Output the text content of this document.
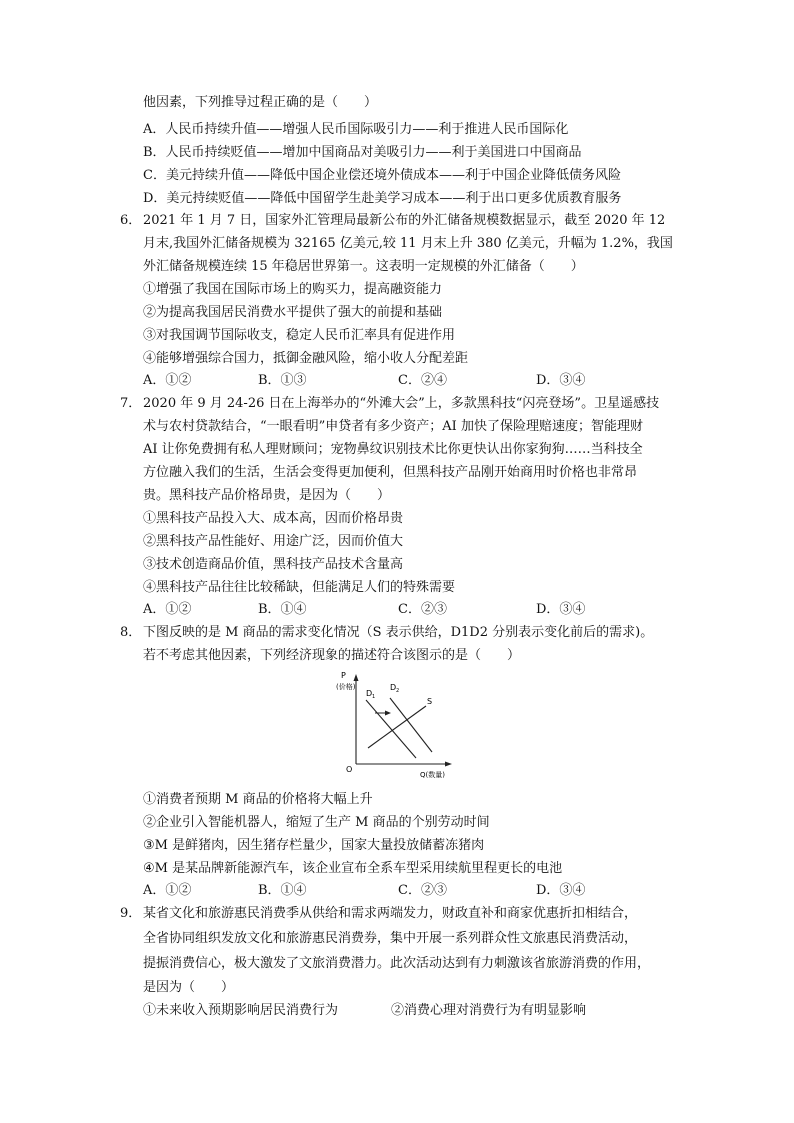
他因素，下列推导过程正确的是（　　）
A．人民币持续升值——增强人民币国际吸引力——利于推进人民币国际化
B．人民币持续贬值——增加中国商品对美吸引力——利于美国进口中国商品
C．美元持续升值——降低中国企业偿还境外债成本——利于中国企业降低债务风险
D．美元持续贬值——降低中国留学生赴美学习成本——利于出口更多优质教育服务
6． 2021 年 1 月 7 日，国家外汇管理局最新公布的外汇储备规模数据显示，截至 2020 年 12
月末,我国外汇储备规模为 32165 亿美元,较 11 月末上升 380 亿美元，升幅为 1.2%，我国
外汇储备规模连续 15 年稳居世界第一。这表明一定规模的外汇储备（　　）
①增强了我国在国际市场上的购买力，提高融资能力
②为提高我国居民消费水平提供了强大的前提和基础
③对我国调节国际收支，稳定人民币汇率具有促进作用
④能够增强综合国力，抵御金融风险，缩小收人分配差距
A．①②	B．①③	C．②④	D．③④
7． 2020 年 9 月 24-26 日在上海举办的“外滩大会”上，多款黑科技“闪亮登场”。卫星遥感技
术与农村贷款结合，“一眼看明”申贷者有多少资产；AI 加快了保险理赔速度；智能理财
AI 让你免费拥有私人理财顾问；宠物鼻纹识别技术比你更快认出你家狗狗……当科技全
方位融入我们的生活，生活会变得更加便利，但黑科技产品刚开始商用时价格也非常昂
贵。黑科技产品价格昂贵，是因为（　　）
①黑科技产品投入大、成本高，因而价格昂贵
②黑科技产品性能好、用途广泛，因而价值大
③技术创造商品价值，黑科技产品技术含量高
④黑科技产品往往比较稀缺，但能满足人们的特殊需要
A．①②	B．①④	C．②③	D．③④
8． 下图反映的是 M 商品的需求变化情况（S 表示供给，D1D2 分别表示变化前后的需求)。
若不考虑其他因素，下列经济现象的描述符合该图示的是（　　）
P
(价格)
D 1
D 2
S
O
Q(数量)
①消费者预期 M 商品的价格将大幅上升
②企业引入智能机器人，缩短了生产 M 商品的个别劳动时间
③M 是鲜猪肉，因生猪存栏量少，国家大量投放储蓄冻猪肉
④M 是某品牌新能源汽车，该企业宣布全系车型采用续航里程更长的电池
A．①②	B．①④	C．②③	D．③④
9． 某省文化和旅游惠民消费季从供给和需求两端发力，财政直补和商家优惠折扣相结合，
全省协同组织发放文化和旅游惠民消费券，集中开展一系列群众性文旅惠民消费活动，
提振消费信心，极大激发了文旅消费潜力。此次活动达到有力刺激该省旅游消费的作用，
是因为（　　）
①未来收入预期影响居民消费行为	②消费心理对消费行为有明显影响
